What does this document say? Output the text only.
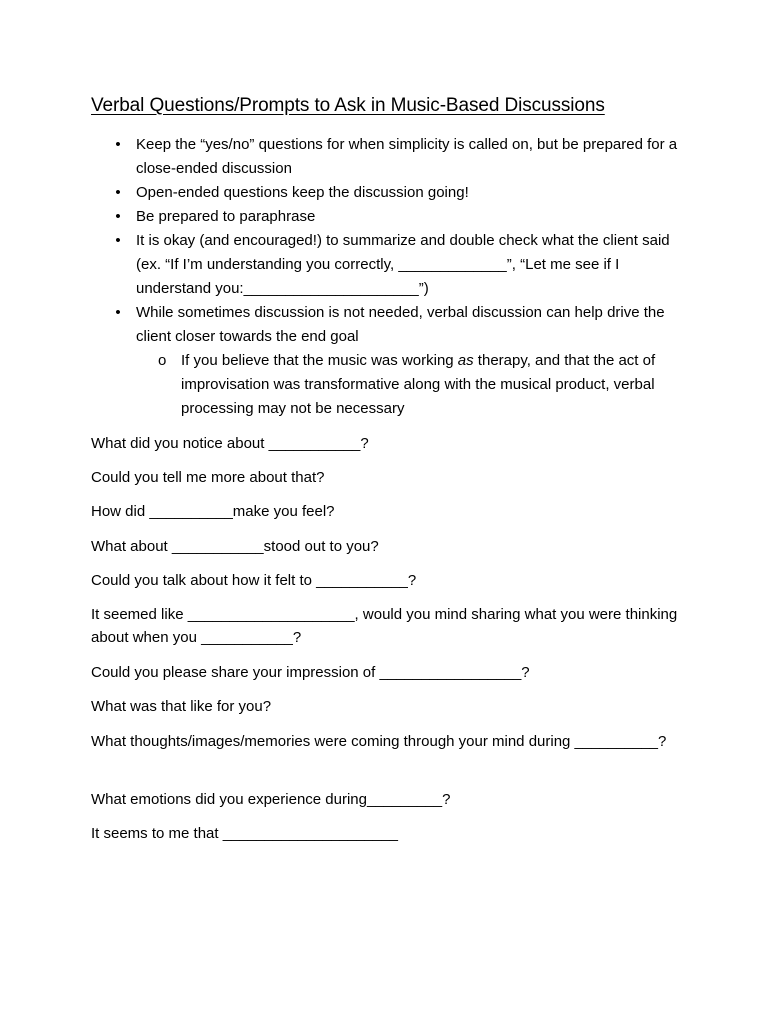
Verbal Questions/Prompts to Ask in Music-Based Discussions
• Keep the “yes/no” questions for when simplicity is called on, but be prepared for a close-ended discussion
• Open-ended questions keep the discussion going!
• Be prepared to paraphrase
• It is okay (and encouraged!) to summarize and double check what the client said (ex. “If I’m understanding you correctly, _____________”, “Let me see if I understand you:_____________________”)
• While sometimes discussion is not needed, verbal discussion can help drive the client closer towards the end goal
o If you believe that the music was working as therapy, and that the act of improvisation was transformative along with the musical product, verbal processing may not be necessary

What did you notice about ___________?

Could you tell me more about that?

How did __________make you feel?

What about ___________stood out to you?

Could you talk about how it felt to ___________?

It seemed like ____________________, would you mind sharing what you were thinking about when you ___________?

Could you please share your impression of _________________?

What was that like for you?

What thoughts/images/memories were coming through your mind during __________?

What emotions did you experience during_________?

It seems to me that _____________________
